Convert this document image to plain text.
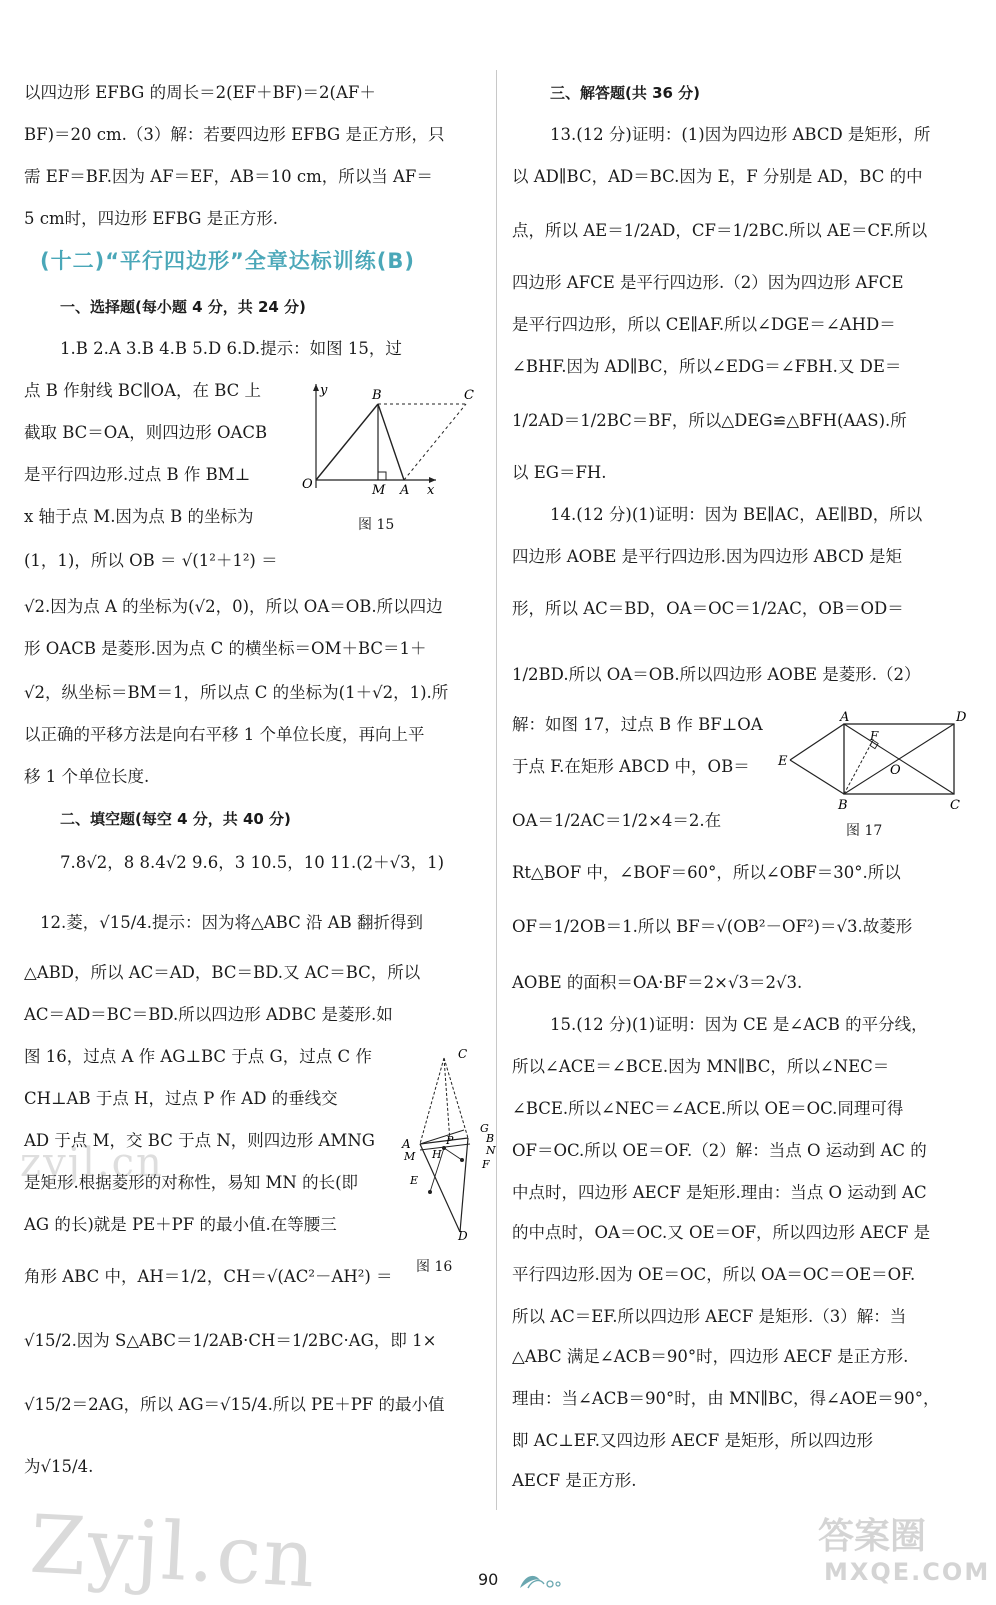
以四边形 EFBG 的周长＝2(EF＋BF)＝2(AF＋
BF)＝20 cm.（3）解：若要四边形 EFBG 是正方形，只
需 EF＝BF.因为 AF＝EF，AB＝10 cm，所以当 AF＝
5 cm时，四边形 EFBG 是正方形.
(十二)“平行四边形”全章达标训练(B)
一、选择题(每小题 4 分，共 24 分)
1.B 2.A 3.B 4.B 5.D 6.D.提示：如图 15，过
点 B 作射线 BC∥OA，在 BC 上
截取 BC＝OA，则四边形 OACB
是平行四边形.过点 B 作 BM⊥
x 轴于点 M.因为点 B 的坐标为
(1，1)，所以 OB ＝ √(1²＋1²) ＝
√2.因为点 A 的坐标为(√2，0)，所以 OA＝OB.所以四边
形 OACB 是菱形.因为点 C 的横坐标＝OM＋BC＝1＋
√2，纵坐标＝BM＝1，所以点 C 的坐标为(1＋√2，1).所
以正确的平移方法是向右平移 1 个单位长度，再向上平
移 1 个单位长度.
二、填空题(每空 4 分，共 40 分)
7.8√2，8 8.4√2 9.6，3 10.5，10 11.(2＋√3，1)
12.菱，√15/4.提示：因为将△ABC 沿 AB 翻折得到
△ABD，所以 AC＝AD，BC＝BD.又 AC＝BC，所以
AC＝AD＝BC＝BD.所以四边形 ADBC 是菱形.如
图 16，过点 A 作 AG⊥BC 于点 G，过点 C 作
CH⊥AB 于点 H，过点 P 作 AD 的垂线交
AD 于点 M，交 BC 于点 N，则四边形 AMNG
是矩形.根据菱形的对称性，易知 MN 的长(即
AG 的长)就是 PE＋PF 的最小值.在等腰三
角形 ABC 中，AH＝1/2，CH＝√(AC²－AH²) ＝
√15/2.因为 S△ABC＝1/2AB·CH＝1/2BC·AG，即 1×
√15/2＝2AG，所以 AG＝√15/4.所以 PE＋PF 的最小值
为√15/4.
y	B	C
O	M A x
图 15
C
A
G
B
N
M H
P
F
E
D
图 16
三、解答题(共 36 分)
13.(12 分)证明：(1)因为四边形 ABCD 是矩形，所
以 AD∥BC，AD＝BC.因为 E，F 分别是 AD，BC 的中
点，所以 AE＝1/2AD，CF＝1/2BC.所以 AE＝CF.所以
四边形 AFCE 是平行四边形.（2）因为四边形 AFCE
是平行四边形，所以 CE∥AF.所以∠DGE＝∠AHD＝
∠BHF.因为 AD∥BC，所以∠EDG＝∠FBH.又 DE＝
1/2AD＝1/2BC＝BF，所以△DEG≌△BFH(AAS).所
以 EG＝FH.
14.(12 分)(1)证明：因为 BE∥AC，AE∥BD，所以
四边形 AOBE 是平行四边形.因为四边形 ABCD 是矩
形，所以 AC＝BD，OA＝OC＝1/2AC，OB＝OD＝
1/2BD.所以 OA＝OB.所以四边形 AOBE 是菱形.（2）
解：如图 17，过点 B 作 BF⊥OA
于点 F.在矩形 ABCD 中，OB＝
OA＝1/2AC＝1/2×4＝2.在
Rt△BOF 中，∠BOF＝60°，所以∠OBF＝30°.所以
OF＝1/2OB＝1.所以 BF＝√(OB²－OF²)＝√3.故菱形
AOBE 的面积＝OA·BF＝2×√3＝2√3.
15.(12 分)(1)证明：因为 CE 是∠ACB 的平分线，
所以∠ACE＝∠BCE.因为 MN∥BC，所以∠NEC＝
∠BCE.所以∠NEC＝∠ACE.所以 OE＝OC.同理可得
OF＝OC.所以 OE＝OF.（2）解：当点 O 运动到 AC 的
中点时，四边形 AECF 是矩形.理由：当点 O 运动到 AC
的中点时，OA＝OC.又 OE＝OF，所以四边形 AECF 是
平行四边形.因为 OE＝OC，所以 OA＝OC＝OE＝OF.
所以 AC＝EF.所以四边形 AECF 是矩形.（3）解：当
△ABC 满足∠ACB＝90°时，四边形 AECF 是正方形.
理由：当∠ACB＝90°时，由 MN∥BC，得∠AOE＝90°，
即 AC⊥EF.又四边形 AECF 是矩形，所以四边形
AECF 是正方形.
A	D
F
E
O
B	C
图 17
90
zyjl.cn
Zyjl.cn	答案圈
MXQE.COM
